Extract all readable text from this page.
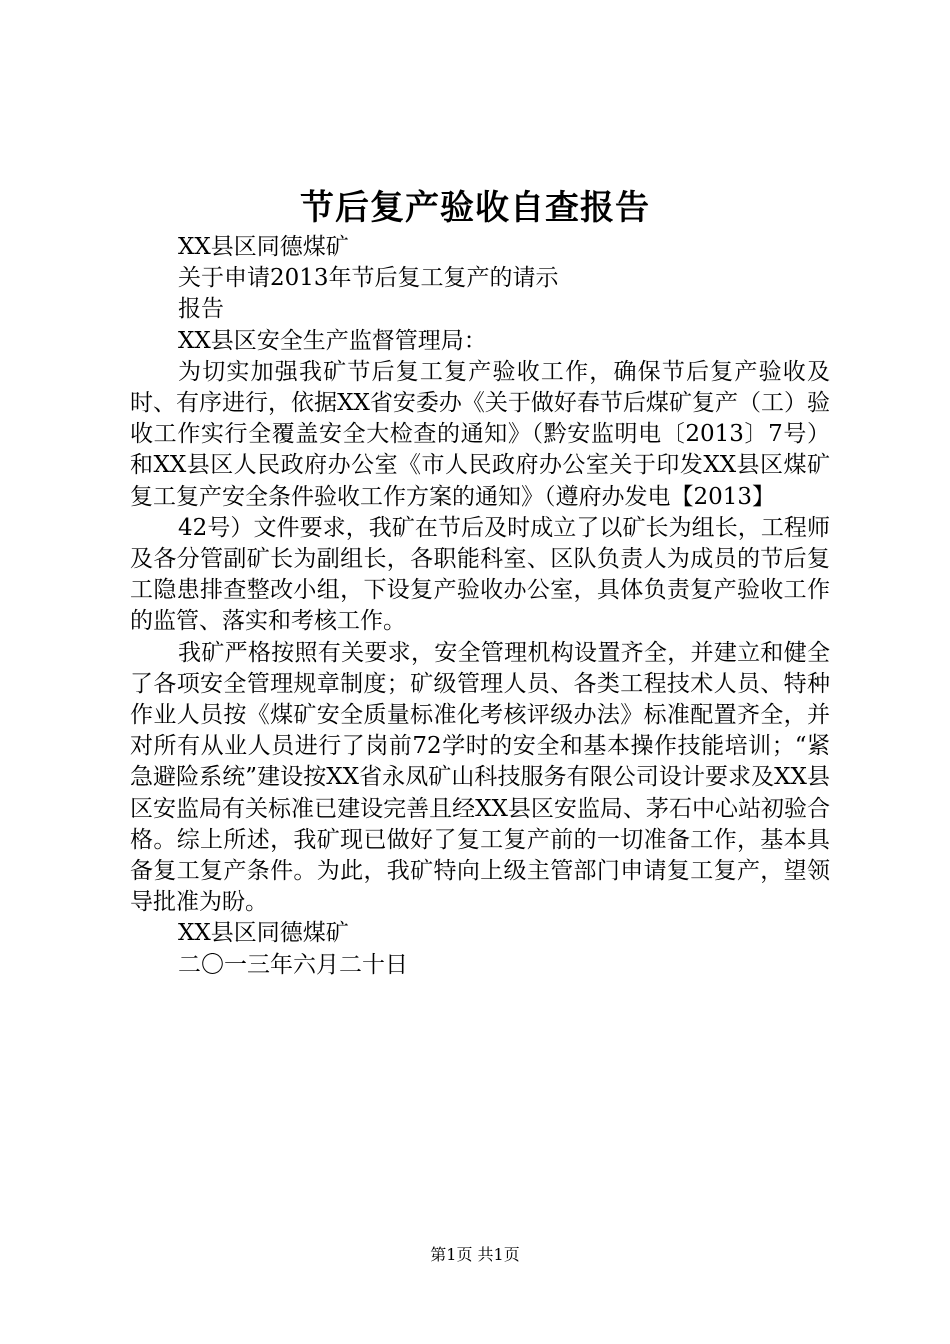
节后复产验收自查报告
XX县区同德煤矿
关于申请2013年节后复工复产的请示
报告
XX县区安全生产监督管理局：
为切实加强我矿节后复工复产验收工作，确保节后复产验收及时、有序进行，依据XX省安委办《关于做好春节后煤矿复产（工）验收工作实行全覆盖安全大检查的通知》（黔安监明电〔2013〕7号）和XX县区人民政府办公室《市人民政府办公室关于印发XX县区煤矿复工复产安全条件验收工作方案的通知》（遵府办发电【2013】
42号）文件要求，我矿在节后及时成立了以矿长为组长，工程师及各分管副矿长为副组长，各职能科室、区队负责人为成员的节后复工隐患排查整改小组，下设复产验收办公室，具体负责复产验收工作的监管、落实和考核工作。
我矿严格按照有关要求，安全管理机构设置齐全，并建立和健全了各项安全管理规章制度；矿级管理人员、各类工程技术人员、特种作业人员按《煤矿安全质量标准化考核评级办法》标准配置齐全，并对所有从业人员进行了岗前72学时的安全和基本操作技能培训；“紧急避险系统”建设按XX省永凤矿山科技服务有限公司设计要求及XX县区安监局有关标准已建设完善且经XX县区安监局、茅石中心站初验合格。综上所述，我矿现已做好了复工复产前的一切准备工作，基本具备复工复产条件。为此，我矿特向上级主管部门申请复工复产，望领导批准为盼。
XX县区同德煤矿
二〇一三年六月二十日
第1页 共1页
